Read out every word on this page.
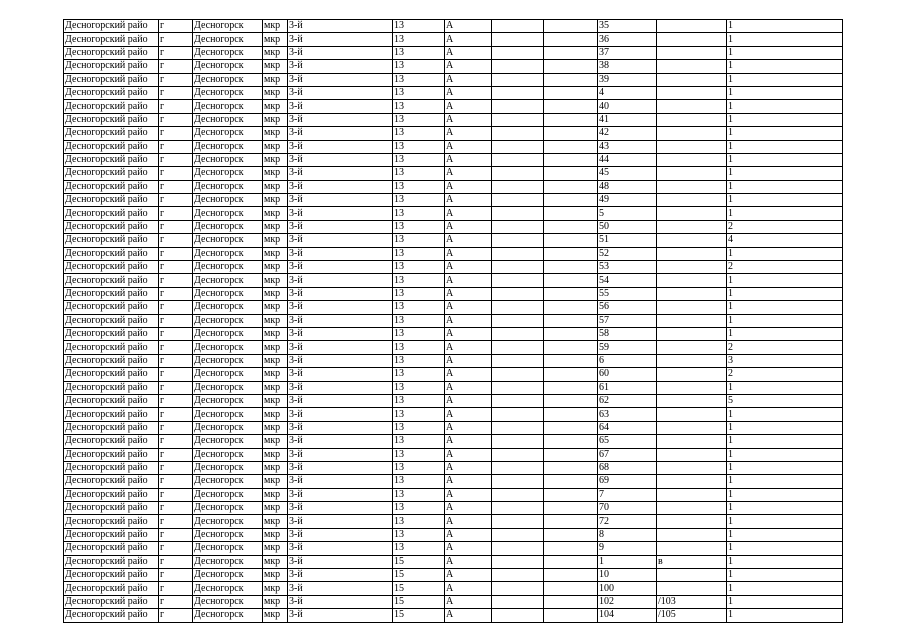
Десногорский райо	г	Десногорск	мкр	3-й	13	А			35		1
Десногорский райо	г	Десногорск	мкр	3-й	13	А			36		1
Десногорский райо	г	Десногорск	мкр	3-й	13	А			37		1
Десногорский райо	г	Десногорск	мкр	3-й	13	А			38		1
Десногорский райо	г	Десногорск	мкр	3-й	13	А			39		1
Десногорский райо	г	Десногорск	мкр	3-й	13	А			4		1
Десногорский райо	г	Десногорск	мкр	3-й	13	А			40		1
Десногорский райо	г	Десногорск	мкр	3-й	13	А			41		1
Десногорский райо	г	Десногорск	мкр	3-й	13	А			42		1
Десногорский райо	г	Десногорск	мкр	3-й	13	А			43		1
Десногорский райо	г	Десногорск	мкр	3-й	13	А			44		1
Десногорский райо	г	Десногорск	мкр	3-й	13	А			45		1
Десногорский райо	г	Десногорск	мкр	3-й	13	А			48		1
Десногорский райо	г	Десногорск	мкр	3-й	13	А			49		1
Десногорский райо	г	Десногорск	мкр	3-й	13	А			5		1
Десногорский райо	г	Десногорск	мкр	3-й	13	А			50		2
Десногорский райо	г	Десногорск	мкр	3-й	13	А			51		4
Десногорский райо	г	Десногорск	мкр	3-й	13	А			52		1
Десногорский райо	г	Десногорск	мкр	3-й	13	А			53		2
Десногорский райо	г	Десногорск	мкр	3-й	13	А			54		1
Десногорский райо	г	Десногорск	мкр	3-й	13	А			55		1
Десногорский райо	г	Десногорск	мкр	3-й	13	А			56		1
Десногорский райо	г	Десногорск	мкр	3-й	13	А			57		1
Десногорский райо	г	Десногорск	мкр	3-й	13	А			58		1
Десногорский райо	г	Десногорск	мкр	3-й	13	А			59		2
Десногорский райо	г	Десногорск	мкр	3-й	13	А			6		3
Десногорский райо	г	Десногорск	мкр	3-й	13	А			60		2
Десногорский райо	г	Десногорск	мкр	3-й	13	А			61		1
Десногорский райо	г	Десногорск	мкр	3-й	13	А			62		5
Десногорский райо	г	Десногорск	мкр	3-й	13	А			63		1
Десногорский райо	г	Десногорск	мкр	3-й	13	А			64		1
Десногорский райо	г	Десногорск	мкр	3-й	13	А			65		1
Десногорский райо	г	Десногорск	мкр	3-й	13	А			67		1
Десногорский райо	г	Десногорск	мкр	3-й	13	А			68		1
Десногорский райо	г	Десногорск	мкр	3-й	13	А			69		1
Десногорский райо	г	Десногорск	мкр	3-й	13	А			7		1
Десногорский райо	г	Десногорск	мкр	3-й	13	А			70		1
Десногорский райо	г	Десногорск	мкр	3-й	13	А			72		1
Десногорский райо	г	Десногорск	мкр	3-й	13	А			8		1
Десногорский райо	г	Десногорск	мкр	3-й	13	А			9		1
Десногорский райо	г	Десногорск	мкр	3-й	15	А			1	в	1
Десногорский райо	г	Десногорск	мкр	3-й	15	А			10		1
Десногорский райо	г	Десногорск	мкр	3-й	15	А			100		1
Десногорский райо	г	Десногорск	мкр	3-й	15	А			102	/103	1
Десногорский райо	г	Десногорск	мкр	3-й	15	А			104	/105	1
